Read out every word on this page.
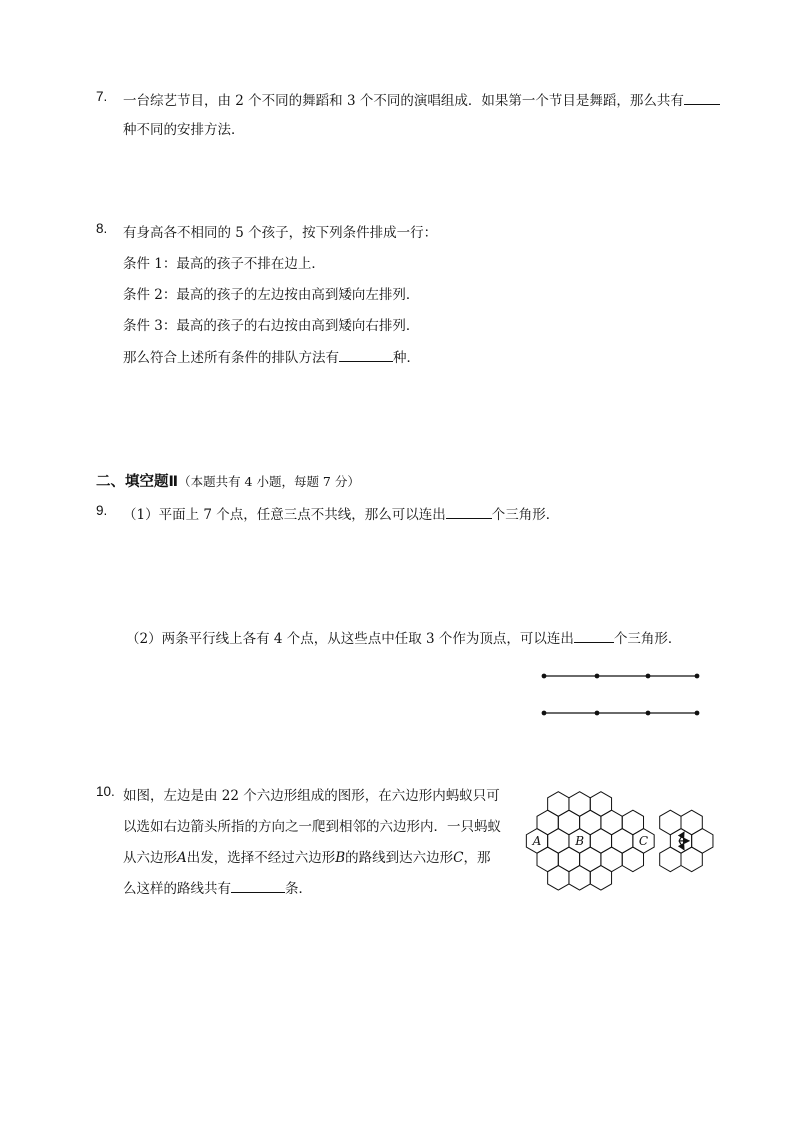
7. 一台综艺节目，由 2 个不同的舞蹈和 3 个不同的演唱组成．如果第一个节目是舞蹈，那么共有
种不同的安排方法．
8. 有身高各不相同的 5 个孩子，按下列条件排成一行：
条件 1：最高的孩子不排在边上．
条件 2：最高的孩子的左边按由高到矮向左排列．
条件 3：最高的孩子的右边按由高到矮向右排列．
那么符合上述所有条件的排队方法有	种．
二、填空题Ⅱ（本题共有 4 小题，每题 7 分）
9. （1）平面上 7 个点，任意三点不共线，那么可以连出	个三角形．
（2）两条平行线上各有 4 个点，从这些点中任取 3 个作为顶点，可以连出	个三角形．
10. 如图，左边是由 22 个六边形组成的图形，在六边形内蚂蚁只可
以选如右边箭头所指的方向之一爬到相邻的六边形内．一只蚂蚁
从六边形A出发，选择不经过六边形B的路线到达六边形C，那
么这样的路线共有	条．
A	B	C
